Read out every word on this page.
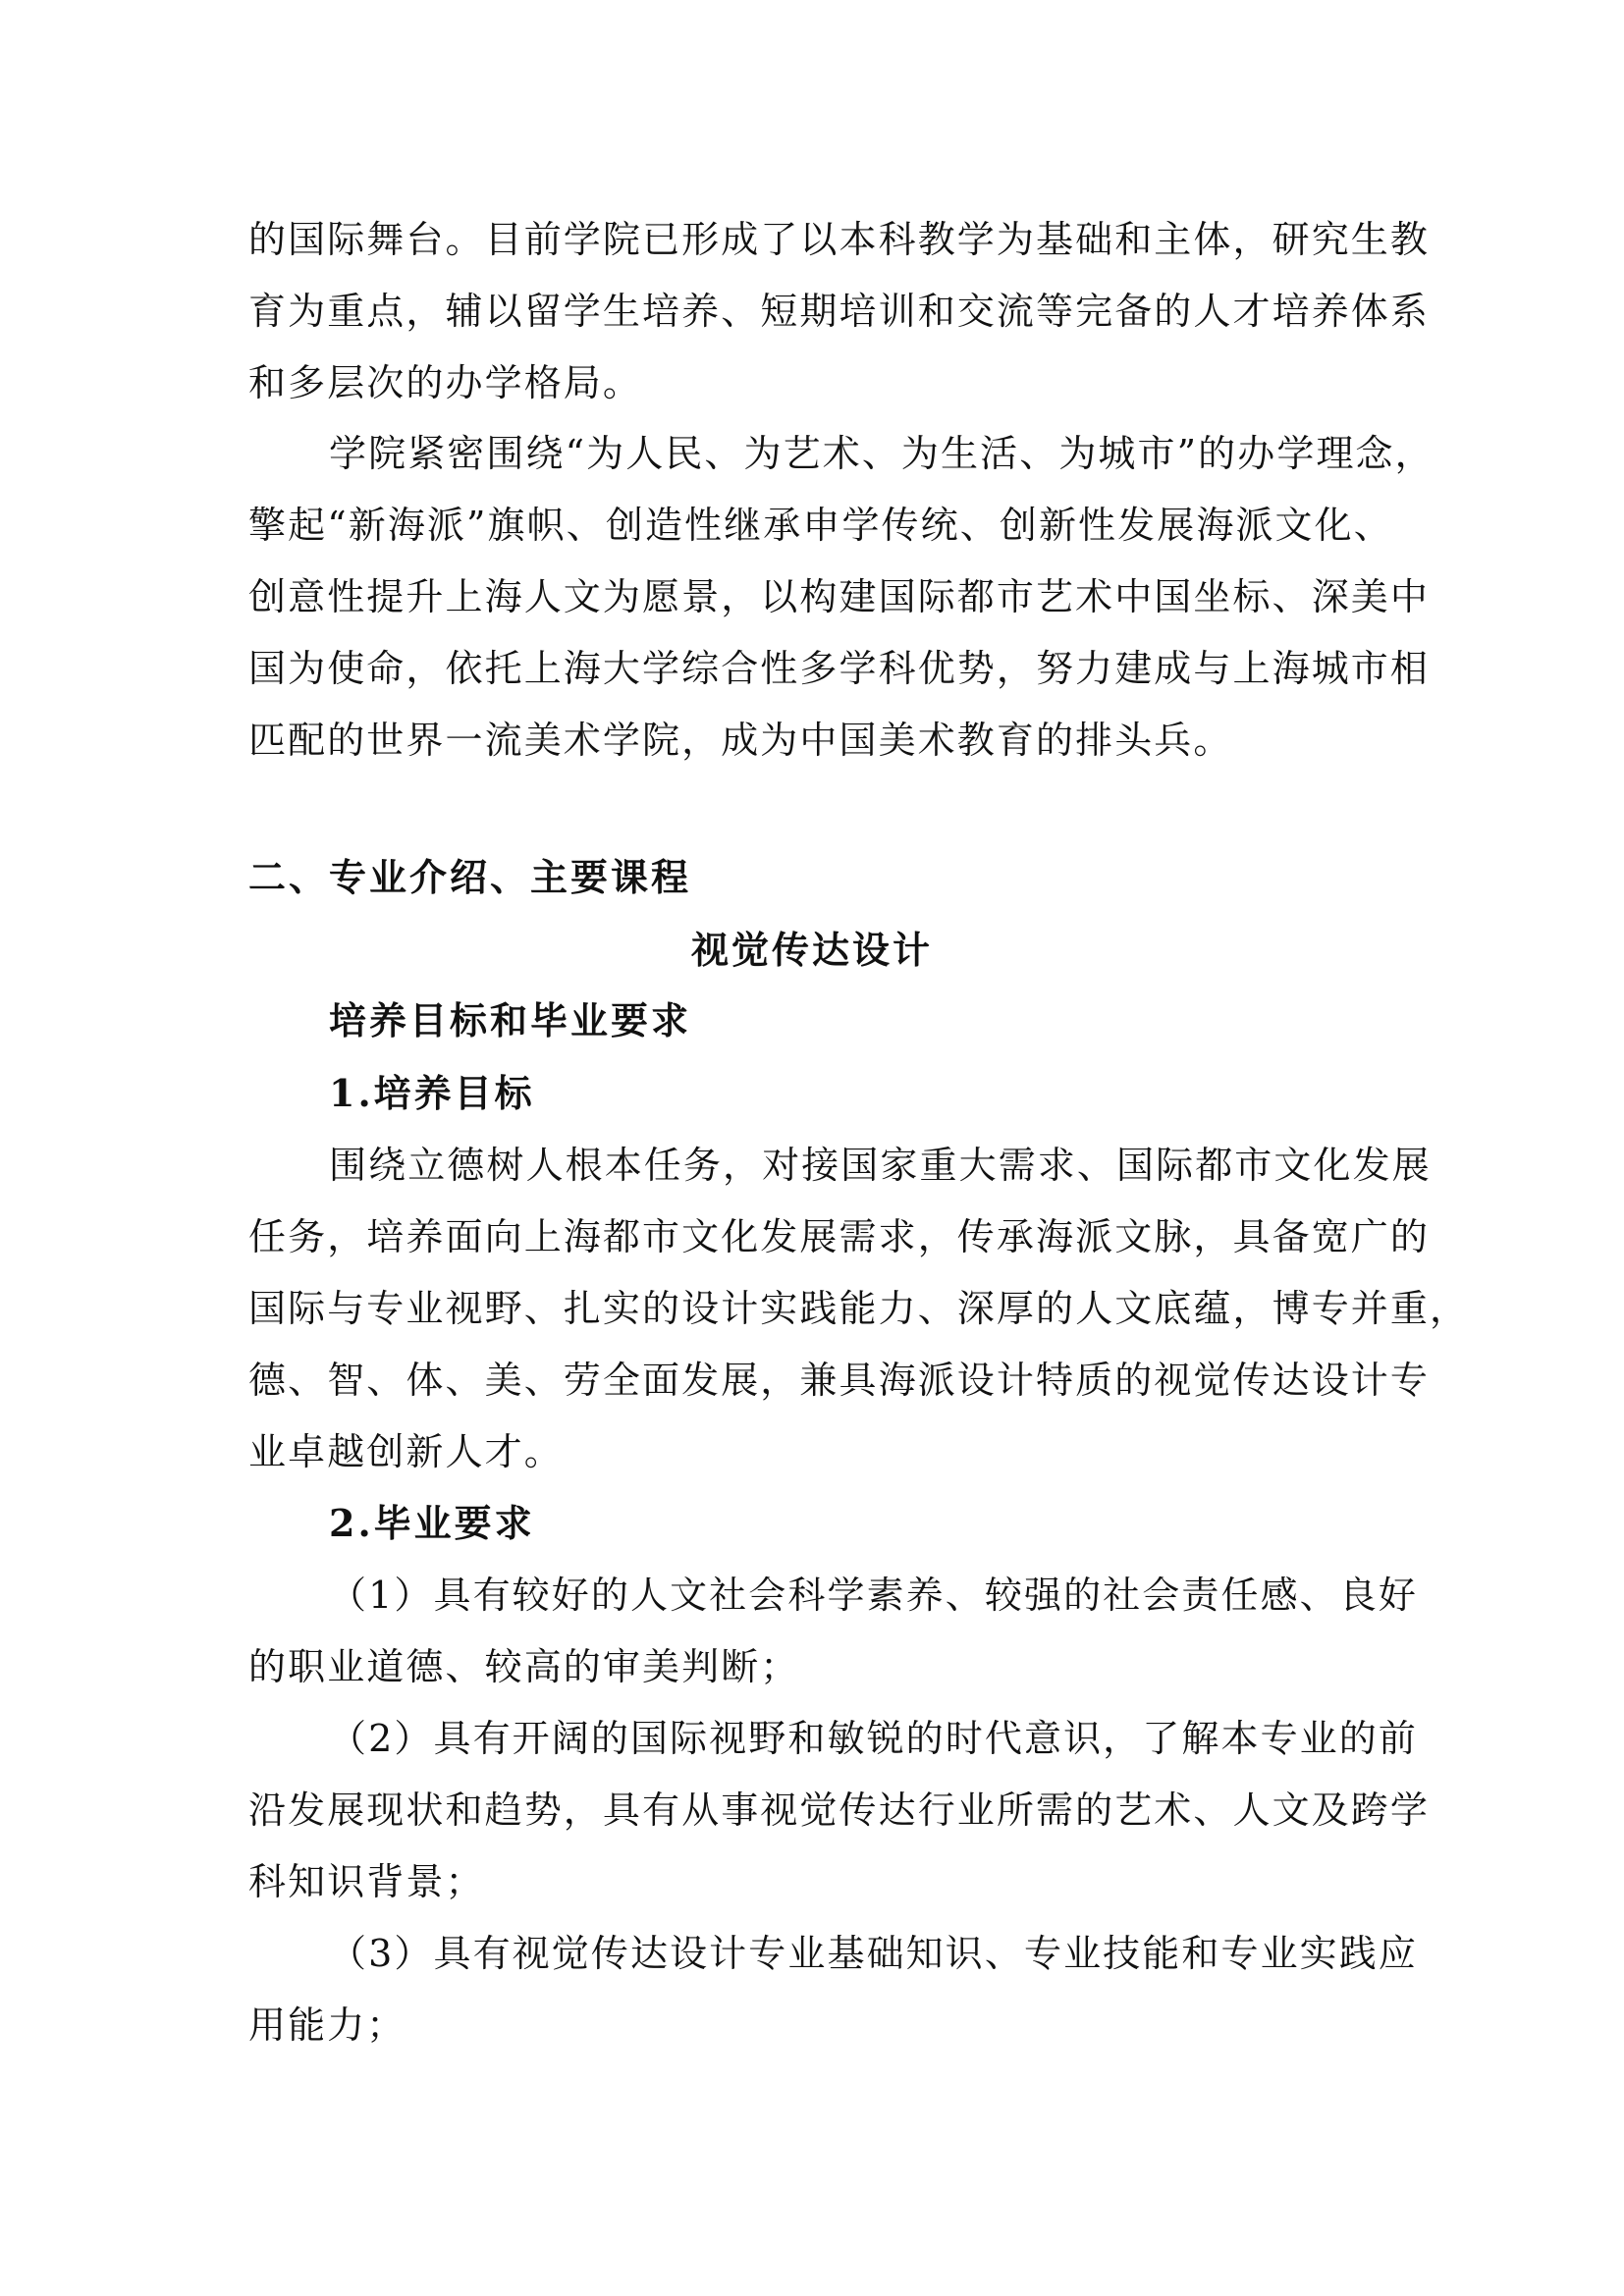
的国际舞台。目前学院已形成了以本科教学为基础和主体，研究生教
育为重点，辅以留学生培养、短期培训和交流等完备的人才培养体系
和多层次的办学格局。
学院紧密围绕“为人民、为艺术、为生活、为城市”的办学理念，
擎起“新海派”旗帜、创造性继承申学传统、创新性发展海派文化、
创意性提升上海人文为愿景，以构建国际都市艺术中国坐标、深美中
国为使命，依托上海大学综合性多学科优势，努力建成与上海城市相
匹配的世界一流美术学院，成为中国美术教育的排头兵。
二、专业介绍、主要课程
视觉传达设计
培养目标和毕业要求
1.培养目标
围绕立德树人根本任务，对接国家重大需求、国际都市文化发展
任务，培养面向上海都市文化发展需求，传承海派文脉，具备宽广的
国际与专业视野、扎实的设计实践能力、深厚的人文底蕴，博专并重，
德、智、体、美、劳全面发展，兼具海派设计特质的视觉传达设计专
业卓越创新人才。
2.毕业要求
（1）具有较好的人文社会科学素养、较强的社会责任感、良好
的职业道德、较高的审美判断；
（2）具有开阔的国际视野和敏锐的时代意识，了解本专业的前
沿发展现状和趋势，具有从事视觉传达行业所需的艺术、人文及跨学
科知识背景；
（3）具有视觉传达设计专业基础知识、专业技能和专业实践应
用能力；
